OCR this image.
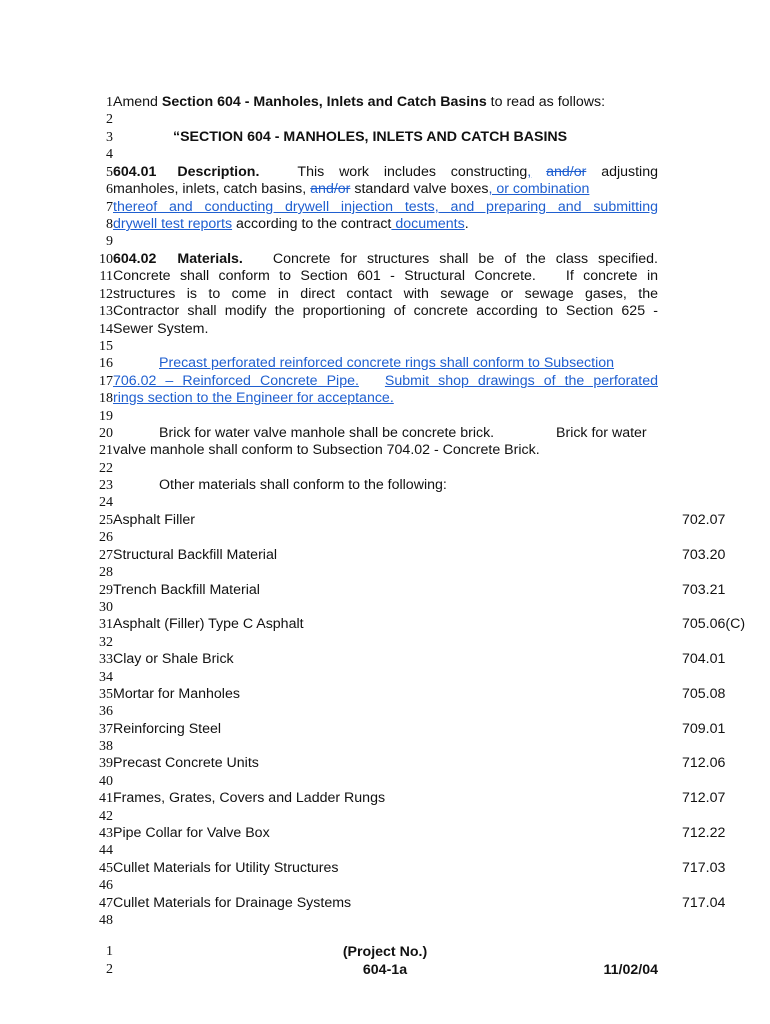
1 Amend Section 604 - Manholes, Inlets and Catch Basins to read as follows:
2
3	“SECTION 604 - MANHOLES, INLETS AND CATCH BASINS
4
5 604.01 Description.	This work includes constructing, and/or adjusting
6 manholes, inlets, catch basins, and/or standard valve boxes, or combination
7 thereof and conducting drywell injection tests, and preparing and submitting
8 drywell test reports according to the contract documents.
9
10 604.02 Materials. Concrete for structures shall be of the class specified.
11 Concrete shall conform to Section 601 - Structural Concrete. If concrete in
12 structures is to come in direct contact with sewage or sewage gases, the
13 Contractor shall modify the proportioning of concrete according to Section 625 -
14 Sewer System.
15
16	Precast perforated reinforced concrete rings shall conform to Subsection
17 706.02 – Reinforced Concrete Pipe. Submit shop drawings of the perforated
18 rings section to the Engineer for acceptance.
19
20	Brick for water valve manhole shall be concrete brick.	Brick for water
21 valve manhole shall conform to Subsection 704.02 - Concrete Brick.
22
23	Other materials shall conform to the following:
24
25 Asphalt Filler	702.07
26
27 Structural Backfill Material	703.20
28
29 Trench Backfill Material	703.21
30
31 Asphalt (Filler) Type C Asphalt	705.06(C)
32
33 Clay or Shale Brick	704.01
34
35 Mortar for Manholes	705.08
36
37 Reinforcing Steel	709.01
38
39 Precast Concrete Units	712.06
40
41 Frames, Grates, Covers and Ladder Rungs	712.07
42
43 Pipe Collar for Valve Box	712.22
44
45 Cullet Materials for Utility Structures	717.03
46
47 Cullet Materials for Drainage Systems	717.04
48
1	(Project No.)
2	604-1a	11/02/04
